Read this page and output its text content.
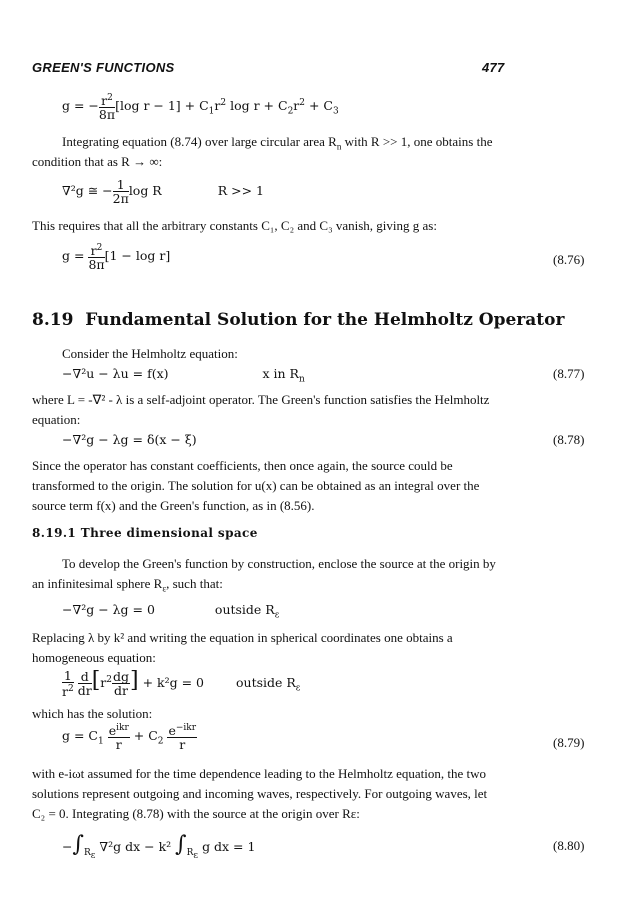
GREEN'S FUNCTIONS	477
g = − $\frac{r^2}{8\pi} [\log$ $r - 1] + C_1r^2$ $\log r + C_2r^2 + C_3$
Integrating equation (8.74) over large circular area $R_n$ with R >> 1, one obtains the
condition that as R → ∞:
∇²g ≅ − $\frac{1}{2\pi}$ log R	R >> 1
This requires that all the arbitrary constants C₁, C₂ and C₃ vanish, giving g as:
$g = \frac{r^2}{8\pi} [1 - \log r]$	(8.76)
8.19 Fundamental Solution for the Helmholtz Operator
Consider the Helmholtz equation:
−∇²u − λu = f(x)	x in $R_n$	(8.77)
where L = -∇² - λ is a self-adjoint operator. The Green's function satisfies the Helmholtz
equation:
−∇²g − λg = δ(x − ξ)	(8.78)
Since the operator has constant coefficients, then once again, the source could be
transformed to the origin. The solution for u(x) can be obtained as an integral over the
source term f(x) and the Green's function, as in (8.56).
8.19.1 Three dimensional space
To develop the Green's function by construction, enclose the source at the origin by
an infinitesimal sphere $R_\varepsilon$, such that:
−∇²g − λg = 0	outside $R_\varepsilon$
Replacing λ by k² and writing the equation in spherical coordinates one obtains a
homogeneous equation:
$\frac{1}{r^2}$
$\frac{d}{dr} [r^2 \frac{dg}{dr}$ ] + k²g = 0	outside $R_\varepsilon$
which has the solution:
$g = C_1 \frac{e^{ikr}}{r} + C_2 \frac{e^{-ikr}}{r}$	(8.79)
with e-iωt assumed for the time dependence leading to the Helmholtz equation, the two
solutions represent outgoing and incoming waves, respectively. For outgoing waves, let
C₂ = 0. Integrating (8.78) with the source at the origin over Rε:
$-\int_{R_\varepsilon}$ ∇²g dx − k² $\int_{R_\varepsilon}$ g dx = 1	(8.80)
